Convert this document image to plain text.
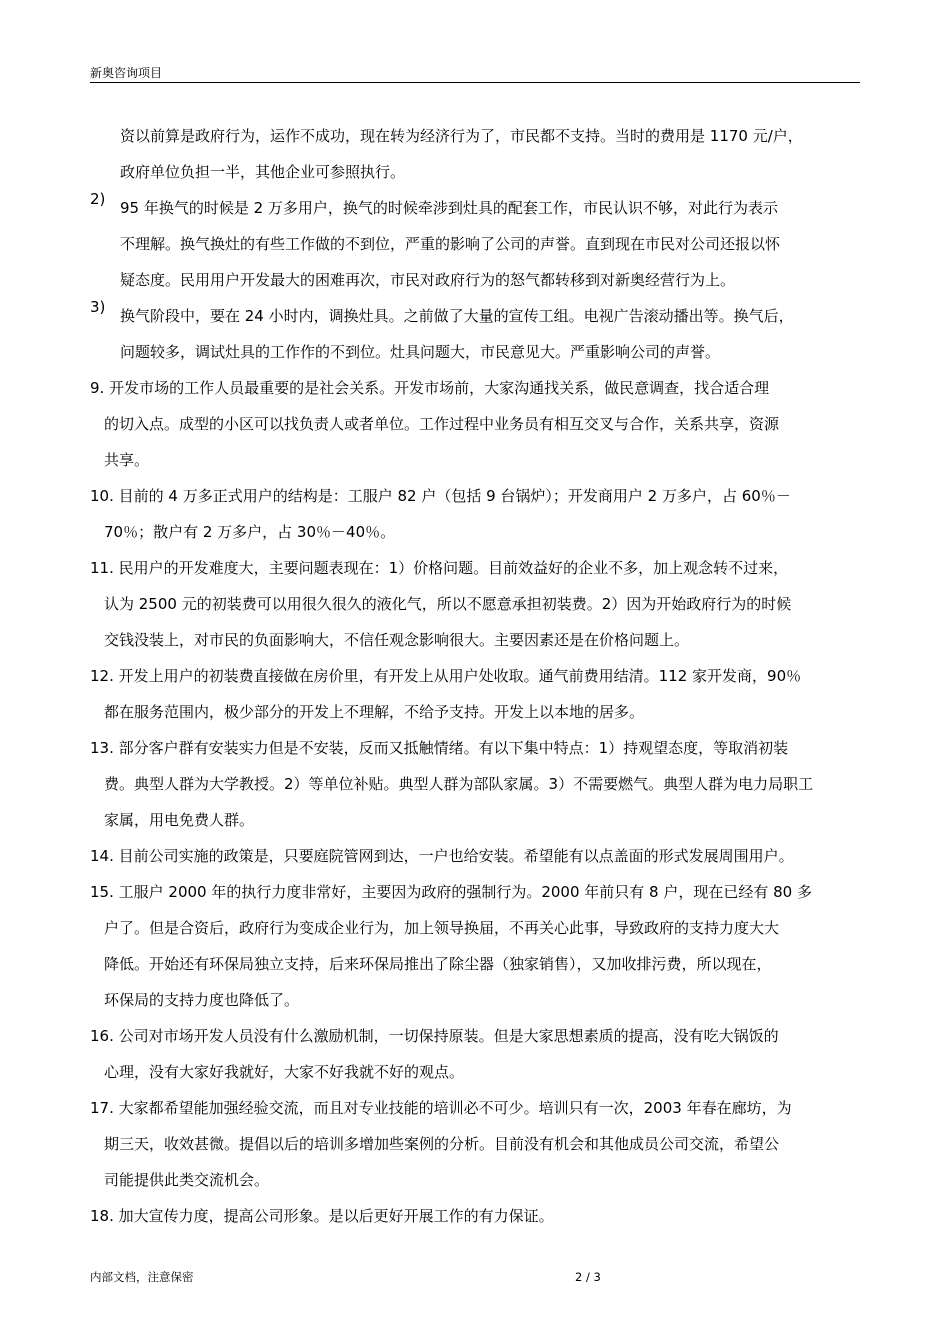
新奥咨询项目
资以前算是政府行为，运作不成功，现在转为经济行为了，市民都不支持。当时的费用是 1170 元/户，
政府单位负担一半，其他企业可参照执行。
2) 95 年换气的时候是 2 万多用户，换气的时候牵涉到灶具的配套工作，市民认识不够，对此行为表示
不理解。换气换灶的有些工作做的不到位，严重的影响了公司的声誉。直到现在市民对公司还报以怀
疑态度。民用用户开发最大的困难再次，市民对政府行为的怒气都转移到对新奥经营行为上。
3) 换气阶段中，要在 24 小时内，调换灶具。之前做了大量的宣传工组。电视广告滚动播出等。换气后，
问题较多，调试灶具的工作作的不到位。灶具问题大，市民意见大。严重影响公司的声誉。
9. 开发市场的工作人员最重要的是社会关系。开发市场前，大家沟通找关系，做民意调查，找合适合理
的切入点。成型的小区可以找负责人或者单位。工作过程中业务员有相互交叉与合作，关系共享，资源
共享。
10. 目前的 4 万多正式用户的结构是：工服户 82 户（包括 9 台锅炉）；开发商用户 2 万多户，占 60％－
70％；散户有 2 万多户，占 30％－40％。
11. 民用户的开发难度大，主要问题表现在：1）价格问题。目前效益好的企业不多，加上观念转不过来，
认为 2500 元的初装费可以用很久很久的液化气，所以不愿意承担初装费。2）因为开始政府行为的时候
交钱没装上，对市民的负面影响大，不信任观念影响很大。主要因素还是在价格问题上。
12. 开发上用户的初装费直接做在房价里，有开发上从用户处收取。通气前费用结清。112 家开发商，90％
都在服务范围内，极少部分的开发上不理解，不给予支持。开发上以本地的居多。
13. 部分客户群有安装实力但是不安装，反而又抵触情绪。有以下集中特点：1）持观望态度，等取消初装
费。典型人群为大学教授。2）等单位补贴。典型人群为部队家属。3）不需要燃气。典型人群为电力局职工
家属，用电免费人群。
14. 目前公司实施的政策是，只要庭院管网到达，一户也给安装。希望能有以点盖面的形式发展周围用户。
15. 工服户 2000 年的执行力度非常好，主要因为政府的强制行为。2000 年前只有 8 户，现在已经有 80 多
户了。但是合资后，政府行为变成企业行为，加上领导换届，不再关心此事，导致政府的支持力度大大
降低。开始还有环保局独立支持，后来环保局推出了除尘器（独家销售），又加收排污费，所以现在，
环保局的支持力度也降低了。
16. 公司对市场开发人员没有什么激励机制，一切保持原装。但是大家思想素质的提高，没有吃大锅饭的
心理，没有大家好我就好，大家不好我就不好的观点。
17. 大家都希望能加强经验交流，而且对专业技能的培训必不可少。培训只有一次，2003 年春在廊坊，为
期三天，收效甚微。提倡以后的培训多增加些案例的分析。目前没有机会和其他成员公司交流，希望公
司能提供此类交流机会。
18. 加大宣传力度，提高公司形象。是以后更好开展工作的有力保证。
内部文档，注意保密	2 / 3
